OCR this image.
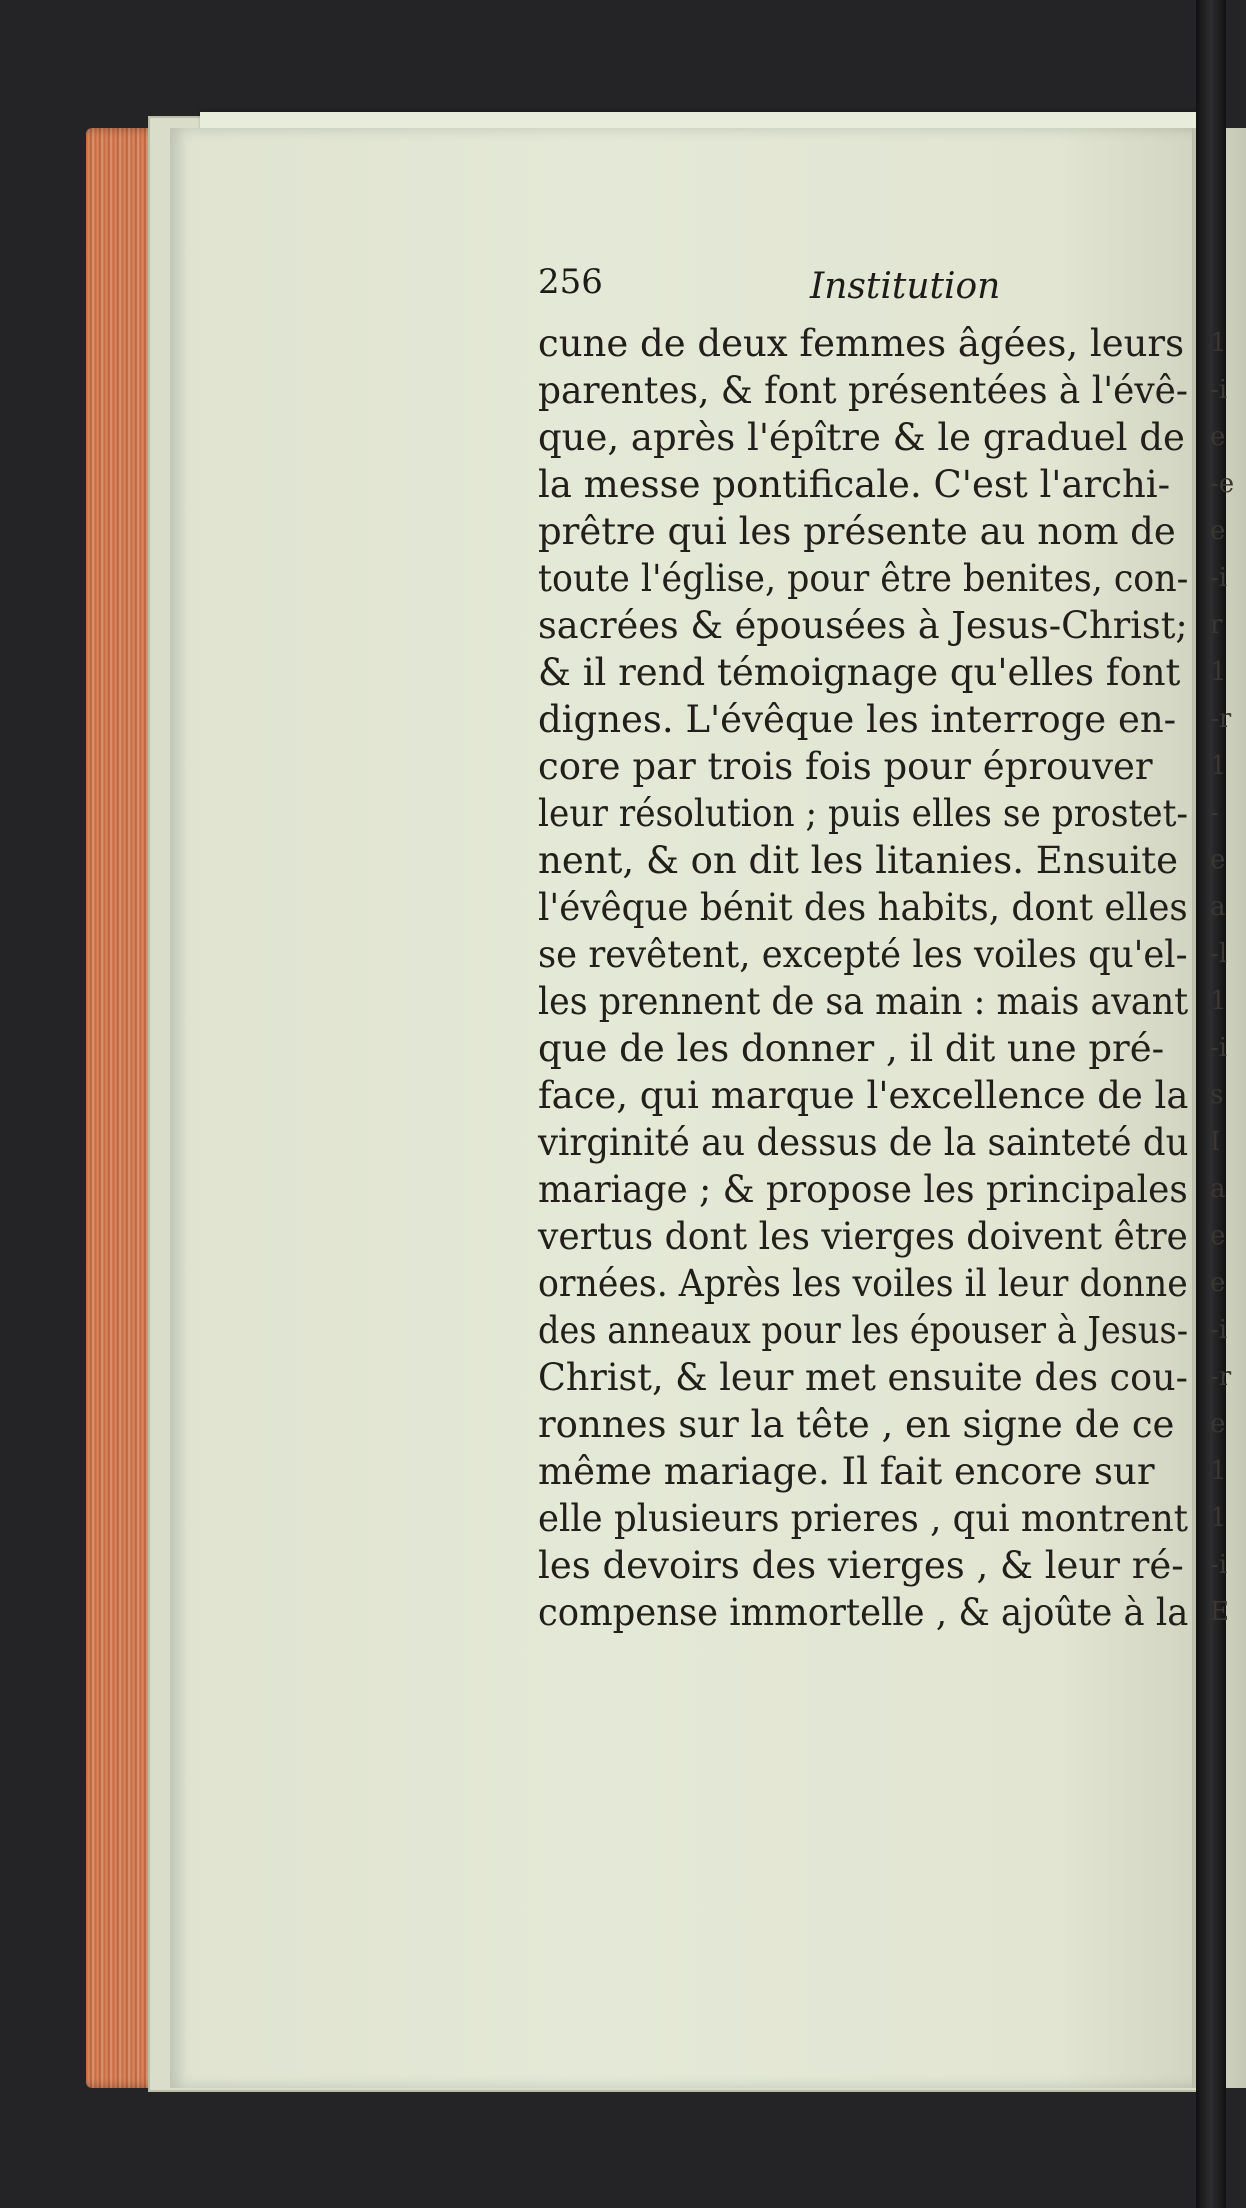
256	Institution
cune de deux femmes âgées, leurs
parentes, & font présentées à l'évê-
que, après l'épître & le graduel de
la messe pontificale. C'est l'archi-
prêtre qui les présente au nom de
toute l'église, pour être benites, con-
sacrées & épousées à Jesus-Christ;
& il rend témoignage qu'elles font
dignes. L'évêque les interroge en-
core par trois fois pour éprouver
leur résolution ; puis elles se prostet-
nent, & on dit les litanies. Ensuite
l'évêque bénit des habits, dont elles
se revêtent, excepté les voiles qu'el-
les prennent de sa main : mais avant
que de les donner , il dit une pré-
face, qui marque l'excellence de la
virginité au dessus de la sainteté du
mariage ; & propose les principales
vertus dont les vierges doivent être
ornées. Après les voiles il leur donne
des anneaux pour les épouser à Jesus-
Christ, & leur met ensuite des cou-
ronnes sur la tête , en signe de ce
même mariage. Il fait encore sur
elle plusieurs prieres , qui montrent
les devoirs des vierges , & leur ré-
compense immortelle , & ajoûte à la
1
-i
e
-e
e
-i
r
1
-r
1
-
e
a
-l
1
-i
s
I
a
e
e
-i
-r
e
1
1
-i
E
